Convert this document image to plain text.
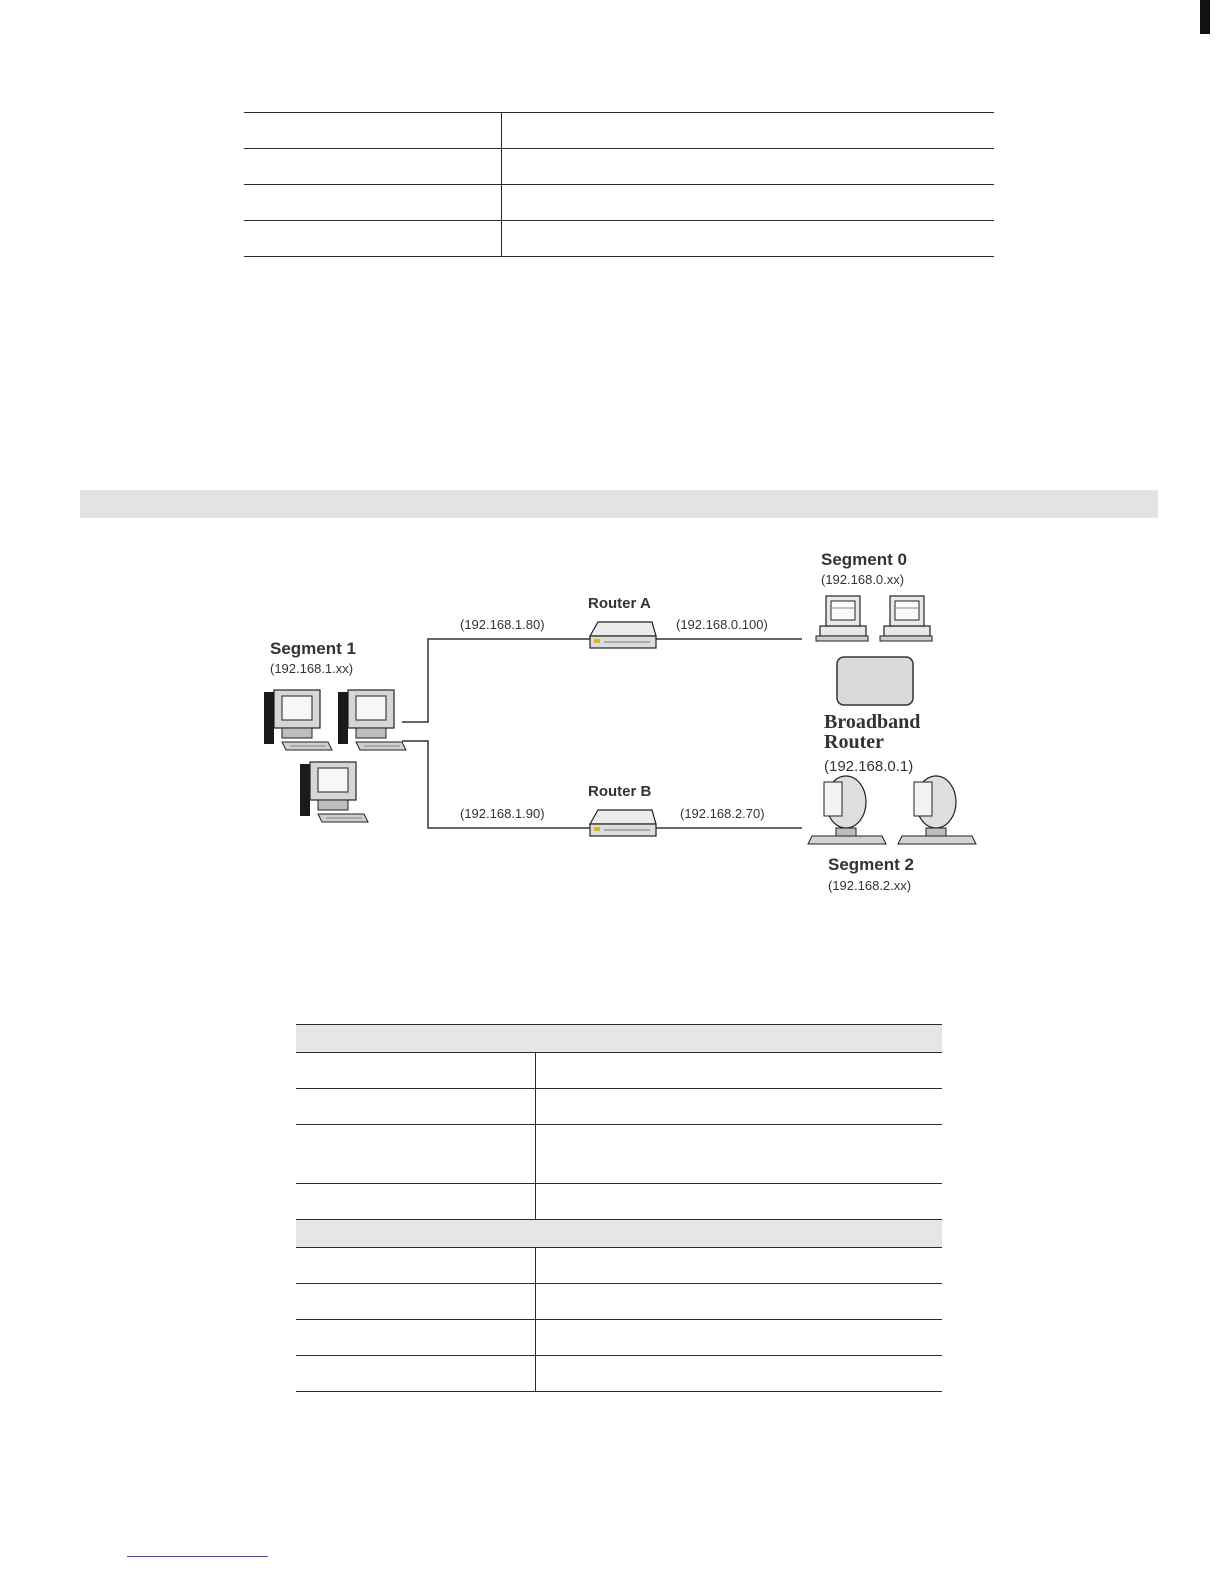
Segment 1
(192.168.1.xx)
Router A
(192.168.1.80)	(192.168.0.100)
Router B
(192.168.1.90)	(192.168.2.70)
Segment 0
(192.168.0.xx)
Broadband
Router
(192.168.0.1)
Segment 2
(192.168.2.xx)
